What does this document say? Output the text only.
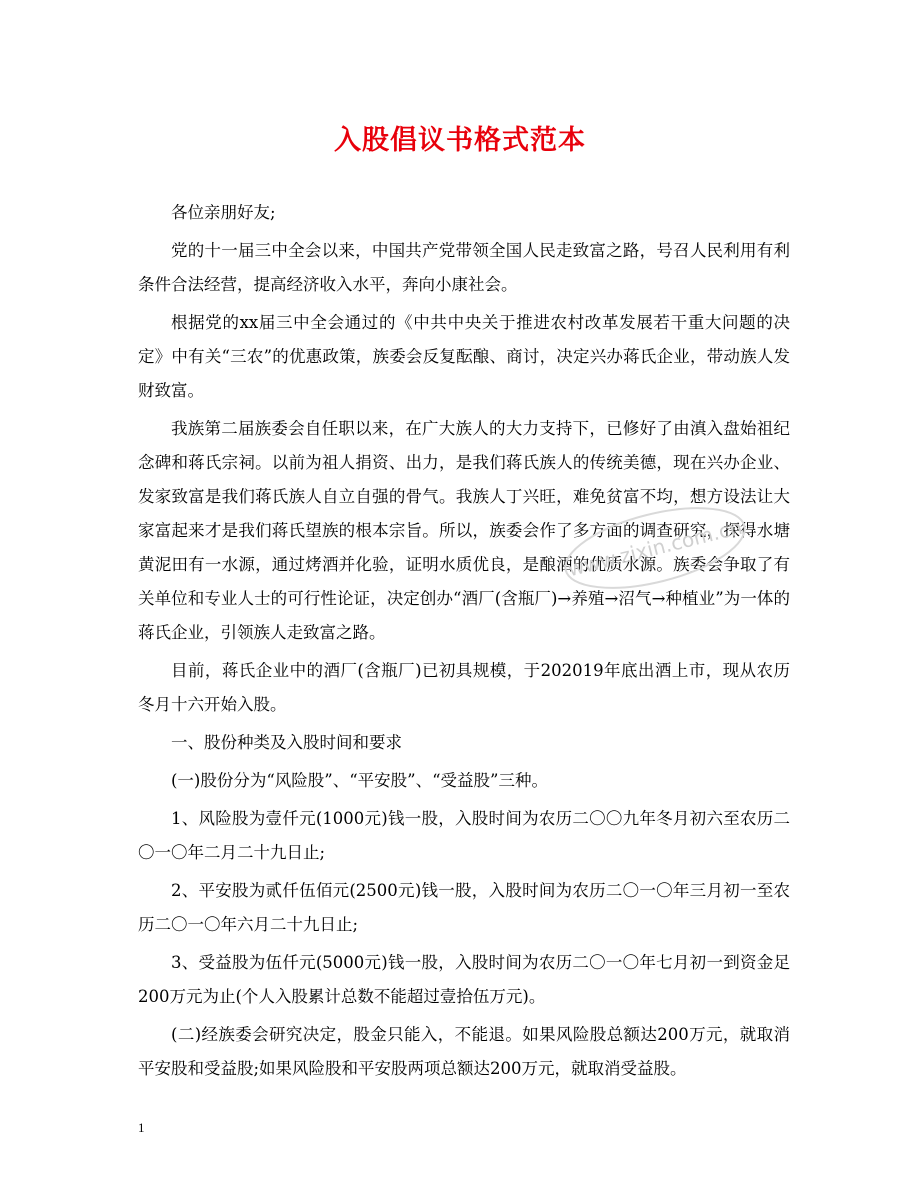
入股倡议书格式范本

各位亲朋好友;

党的十一届三中全会以来，中国共产党带领全国人民走致富之路，号召人民利用有利条件合法经营，提高经济收入水平，奔向小康社会。

根据党的xx届三中全会通过的《中共中央关于推进农村改革发展若干重大问题的决定》中有关“三农”的优惠政策，族委会反复酝酿、商讨，决定兴办蒋氏企业，带动族人发财致富。

我族第二届族委会自任职以来，在广大族人的大力支持下，已修好了由滇入盘始祖纪念碑和蒋氏宗祠。以前为祖人捐资、出力，是我们蒋氏族人的传统美德，现在兴办企业、发家致富是我们蒋氏族人自立自强的骨气。我族人丁兴旺，难免贫富不均，想方设法让大家富起来才是我们蒋氏望族的根本宗旨。所以，族委会作了多方面的调查研究，探得水塘黄泥田有一水源，通过烤酒并化验，证明水质优良，是酿酒的优质水源。族委会争取了有关单位和专业人士的可行性论证，决定创办“酒厂(含瓶厂)→养殖→沼气→种植业”为一体的蒋氏企业，引领族人走致富之路。

目前，蒋氏企业中的酒厂(含瓶厂)已初具规模，于202019年底出酒上市，现从农历冬月十六开始入股。

一、股份种类及入股时间和要求

(一)股份分为“风险股”、“平安股”、“受益股”三种。

1、风险股为壹仟元(1000元)钱一股，入股时间为农历二〇〇九年冬月初六至农历二〇一〇年二月二十九日止;

2、平安股为贰仟伍佰元(2500元)钱一股，入股时间为农历二〇一〇年三月初一至农历二〇一〇年六月二十九日止;

3、受益股为伍仟元(5000元)钱一股，入股时间为农历二〇一〇年七月初一到资金足200万元为止(个人入股累计总数不能超过壹拾伍万元)。

(二)经族委会研究决定，股金只能入，不能退。如果风险股总额达200万元，就取消平安股和受益股;如果风险股和平安股两项总额达200万元，就取消受益股。

www.zixin.com.cn
1
